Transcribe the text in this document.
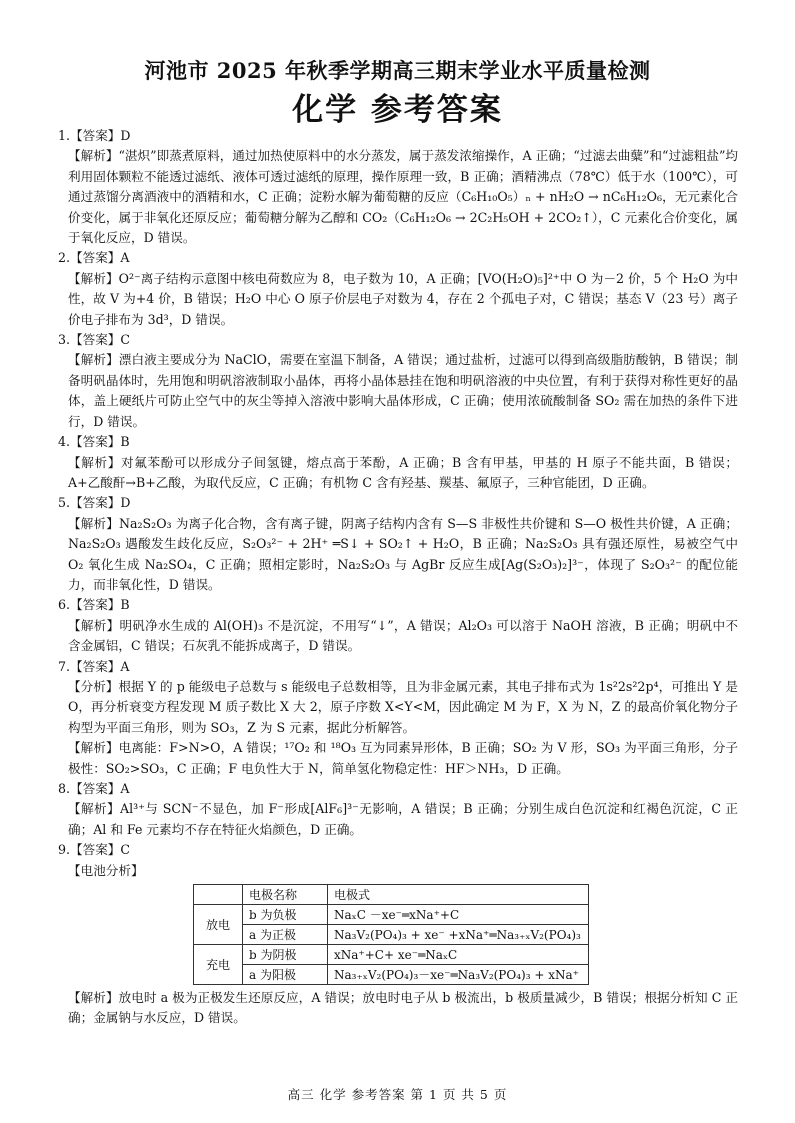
河池市 2025 年秋季学期高三期末学业水平质量检测
化学 参考答案

1.【答案】D

【解析】“湛炽”即蒸煮原料，通过加热使原料中的水分蒸发，属于蒸发浓缩操作，A 正确；“过滤去曲糵”和“过滤粗盐”均利用固体颗粒不能透过滤纸、液体可透过滤纸的原理，操作原理一致，B 正确；酒精沸点（78℃）低于水（100℃），可通过蒸馏分离酒液中的酒精和水，C 正确；淀粉水解为葡萄糖的反应（C₆H₁₀O₅）ₙ + nH₂O → nC₆H₁₂O₆，无元素化合价变化，属于非氧化还原反应；葡萄糖分解为乙醇和 CO₂（C₆H₁₂O₆ → 2C₂H₅OH + 2CO₂↑），C 元素化合价变化，属于氧化反应，D 错误。

2.【答案】A

【解析】O²⁻离子结构示意图中核电荷数应为 8，电子数为 10，A 正确；[VO(H₂O)₅]²⁺中 O 为－2 价，5 个 H₂O 为中性，故 V 为+4 价，B 错误；H₂O 中心 O 原子价层电子对数为 4，存在 2 个孤电子对，C 错误；基态 V（23 号）离子价电子排布为 3d³，D 错误。

3.【答案】C

【解析】漂白液主要成分为 NaClO，需要在室温下制备，A 错误；通过盐析，过滤可以得到高级脂肪酸钠，B 错误；制备明矾晶体时，先用饱和明矾溶液制取小晶体，再将小晶体悬挂在饱和明矾溶液的中央位置，有利于获得对称性更好的晶体，盖上硬纸片可防止空气中的灰尘等掉入溶液中影响大晶体形成，C 正确；使用浓硫酸制备 SO₂ 需在加热的条件下进行，D 错误。

4.【答案】B

【解析】对氟苯酚可以形成分子间氢键，熔点高于苯酚，A 正确；B 含有甲基，甲基的 H 原子不能共面，B 错误；A+乙酸酐→B+乙酸，为取代反应，C 正确；有机物 C 含有羟基、羰基、氟原子，三种官能团，D 正确。

5.【答案】D

【解析】Na₂S₂O₃ 为离子化合物，含有离子键，阴离子结构内含有 S—S 非极性共价键和 S—O 极性共价键，A 正确；Na₂S₂O₃ 遇酸发生歧化反应，S₂O₃²⁻ + 2H⁺ ═S↓ + SO₂↑ + H₂O，B 正确；Na₂S₂O₃ 具有强还原性，易被空气中 O₂ 氧化生成 Na₂SO₄，C 正确；照相定影时，Na₂S₂O₃ 与 AgBr 反应生成[Ag(S₂O₃)₂]³⁻，体现了 S₂O₃²⁻ 的配位能力，而非氧化性，D 错误。

6.【答案】B

【解析】明矾净水生成的 Al(OH)₃ 不是沉淀，不用写“↓”，A 错误；Al₂O₃ 可以溶于 NaOH 溶液，B 正确；明矾中不含金属铝，C 错误；石灰乳不能拆成离子，D 错误。

7.【答案】A

【分析】根据 Y 的 p 能级电子总数与 s 能级电子总数相等，且为非金属元素，其电子排布式为 1s²2s²2p⁴，可推出 Y 是 O，再分析衰变方程发现 M 质子数比 X 大 2，原子序数 X<Y<M，因此确定 M 为 F，X 为 N，Z 的最高价氧化物分子构型为平面三角形，则为 SO₃，Z 为 S 元素，据此分析解答。

【解析】电离能：F>N>O，A 错误；¹⁷O₂ 和 ¹⁸O₃ 互为同素异形体，B 正确；SO₂ 为 V 形，SO₃ 为平面三角形，分子极性：SO₂>SO₃，C 正确；F 电负性大于 N，简单氢化物稳定性：HF＞NH₃，D 正确。

8.【答案】A

【解析】Al³⁺与 SCN⁻不显色，加 F⁻形成[AlF₆]³⁻无影响，A 错误；B 正确；分别生成白色沉淀和红褐色沉淀，C 正确；Al 和 Fe 元素均不存在特征火焰颜色，D 正确。

9.【答案】C

【电池分析】

	电极名称	电极式
放电	b 为负极	NaₓC －xe⁻═xNa⁺+C
	a 为正极	Na₃V₂(PO₄)₃ + xe⁻ +xNa⁺═Na₃₊ₓV₂(PO₄)₃
充电	b 为阴极	xNa⁺+C+ xe⁻═NaₓC
	a 为阳极	Na₃₊ₓV₂(PO₄)₃－xe⁻═Na₃V₂(PO₄)₃ + xNa⁺

【解析】放电时 a 极为正极发生还原反应，A 错误；放电时电子从 b 极流出，b 极质量减少，B 错误；根据分析知 C 正确；金属钠与水反应，D 错误。

高三 化学 参考答案 第 1 页 共 5 页
